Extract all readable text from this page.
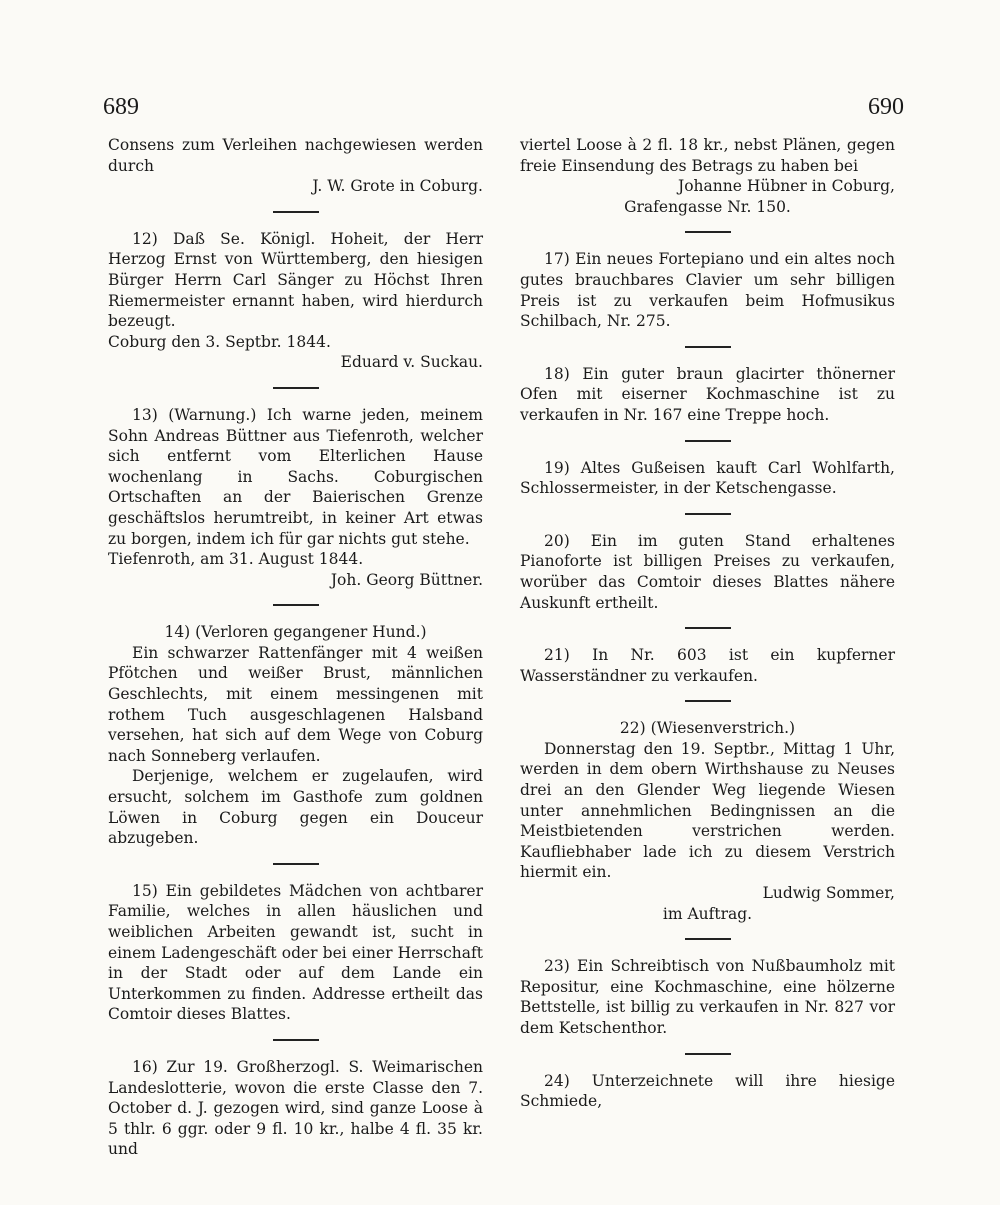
689	690

Consens zum Verleihen nachgewiesen werden durch

J. W. Grote in Coburg.

12) Daß Se. Königl. Hoheit, der Herr Herzog Ernst von Württemberg, den hiesigen Bürger Herrn Carl Sänger zu Höchst Ihren Riemermeister ernannt haben, wird hierdurch bezeugt.

Coburg den 3. Septbr. 1844.

Eduard v. Suckau.

13) (Warnung.) Ich warne jeden, meinem Sohn Andreas Büttner aus Tiefenroth, welcher sich entfernt vom Elterlichen Hause wochenlang in Sachs. Coburgischen Ortschaften an der Baierischen Grenze geschäftslos herumtreibt, in keiner Art etwas zu borgen, indem ich für gar nichts gut stehe.

Tiefenroth, am 31. August 1844.

Joh. Georg Büttner.

14) (Verloren gegangener Hund.)

Ein schwarzer Rattenfänger mit 4 weißen Pfötchen und weißer Brust, männlichen Geschlechts, mit einem messingenen mit rothem Tuch ausgeschlagenen Halsband versehen, hat sich auf dem Wege von Coburg nach Sonneberg verlaufen.

Derjenige, welchem er zugelaufen, wird ersucht, solchem im Gasthofe zum goldnen Löwen in Coburg gegen ein Douceur abzugeben.

15) Ein gebildetes Mädchen von achtbarer Familie, welches in allen häuslichen und weiblichen Arbeiten gewandt ist, sucht in einem Ladengeschäft oder bei einer Herrschaft in der Stadt oder auf dem Lande ein Unterkommen zu finden. Addresse ertheilt das Comtoir dieses Blattes.

16) Zur 19. Großherzogl. S. Weimarischen Landeslotterie, wovon die erste Classe den 7. October d. J. gezogen wird, sind ganze Loose à 5 thlr. 6 ggr. oder 9 fl. 10 kr., halbe 4 fl. 35 kr. und

viertel Loose à 2 fl. 18 kr., nebst Plänen, gegen freie Einsendung des Betrags zu haben bei

Johanne Hübner in Coburg,

Grafengasse Nr. 150.

17) Ein neues Fortepiano und ein altes noch gutes brauchbares Clavier um sehr billigen Preis ist zu verkaufen beim Hofmusikus Schilbach, Nr. 275.

18) Ein guter braun glacirter thönerner Ofen mit eiserner Kochmaschine ist zu verkaufen in Nr. 167 eine Treppe hoch.

19) Altes Gußeisen kauft Carl Wohlfarth, Schlossermeister, in der Ketschengasse.

20) Ein im guten Stand erhaltenes Pianoforte ist billigen Preises zu verkaufen, worüber das Comtoir dieses Blattes nähere Auskunft ertheilt.

21) In Nr. 603 ist ein kupferner Wasserständner zu verkaufen.

22) (Wiesenverstrich.)

Donnerstag den 19. Septbr., Mittag 1 Uhr, werden in dem obern Wirthshause zu Neuses drei an den Glender Weg liegende Wiesen unter annehmlichen Bedingnissen an die Meistbietenden verstrichen werden. Kaufliebhaber lade ich zu diesem Verstrich hiermit ein.

Ludwig Sommer,

im Auftrag.

23) Ein Schreibtisch von Nußbaumholz mit Repositur, eine Kochmaschine, eine hölzerne Bettstelle, ist billig zu verkaufen in Nr. 827 vor dem Ketschenthor.

24) Unterzeichnete will ihre hiesige Schmiede,
